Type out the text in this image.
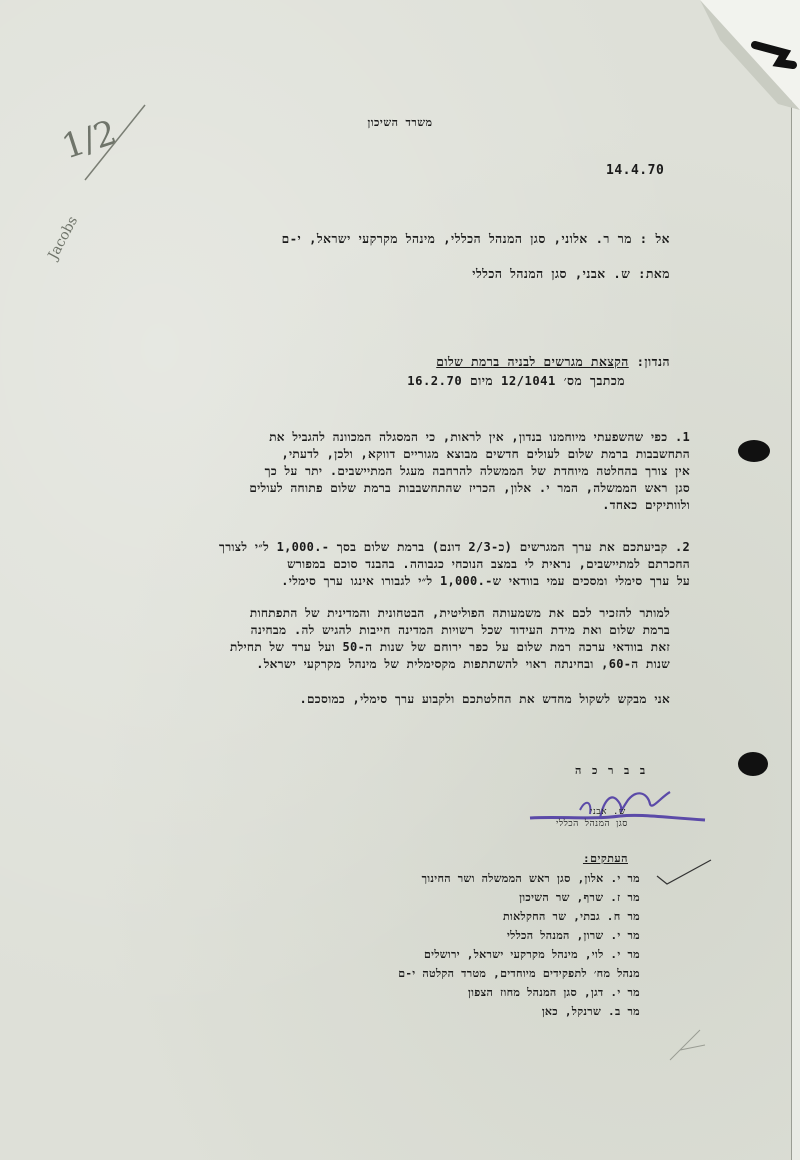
1/2
Jacobs
משרד השיכון
14.4.70
אל : מר ר. אלוני, סגן המנהל הכללי, מינהל מקרקעי ישראל, י-ם
מאת: ש. אבני, סגן המנהל הכללי
הנדון: הקצאת מגרשים לבניה ברמת שלום
מכתבך מס׳ 12/1041 מיום 16.2.70
1. כפי שהשפעתי מיוחמנו בנדון, אין לראות, כי המסגלה המכוונה להגביל את
התחשבבות ברמת שלום לעולים חדשים מבוצא מגוריים דווקא, ולכן, לדעתי,
אין צורך בהחלטה מיוחדת של הממשלה להרחבה מעגל המתיישבים. יתר על כך
סגן ראש הממשלה, המר י. אלון, הכריז שהתחשבבות ברמת שלום פתוחה לעולים
ולוותיקים כאחד.
2. קביעתכם את ערך המגרשים (כ-2/3 דונם) ברמת שלום בסך -.1,000 ל״י לצורך
החכרתם למתיישבים, נראית לי במצב הנוכחי כגבוהה. בהבנד סוכם במפורש
על ערך סימלי ומסכים עמי בוודאי ש-.1,000 ל״י לגבורו אינגו ערך סימלי.
למותר להזכיר לכם את משמעותה הפוליטית, הבטחונית והמדינית של התפתחות
ברמת שלום ואת מידת העידוד שכל רשויות המדינה חייבות להגיש לה. מבחינה
זאת בוודאי ערכה רמת שלום על כפר ירוחם של שנות ה-50 ועל ערד של תחילת
שנות ה-60, ובחינתה ראוי להשתתפות מקסימלית של מינהל מקרקעי ישראל.
אני מבקש לשקול מחדש את החלטתכם ולקבוע ערך סימלי, כמוסכם.
ב ב ר כ ה
ש. אבני
סגן המנהל הכללי
העתקים:
מר י. אלון, סגן ראש הממשלה ושר החינוך
מר ז. שרף, שר השיכון
מר ח. גבתי, שר החקלאות
מר י. שרון, המנהל הכללי
מר י. לוי, מינהל מקרקעי ישראל, ירושלים
מנהל מח׳ לתפקידים מיוחדים, מטרד הקלטה י-ם
מר י. דגן, סגן המנהל מחוז הצפון
מר ב. שרנקל, כאן
